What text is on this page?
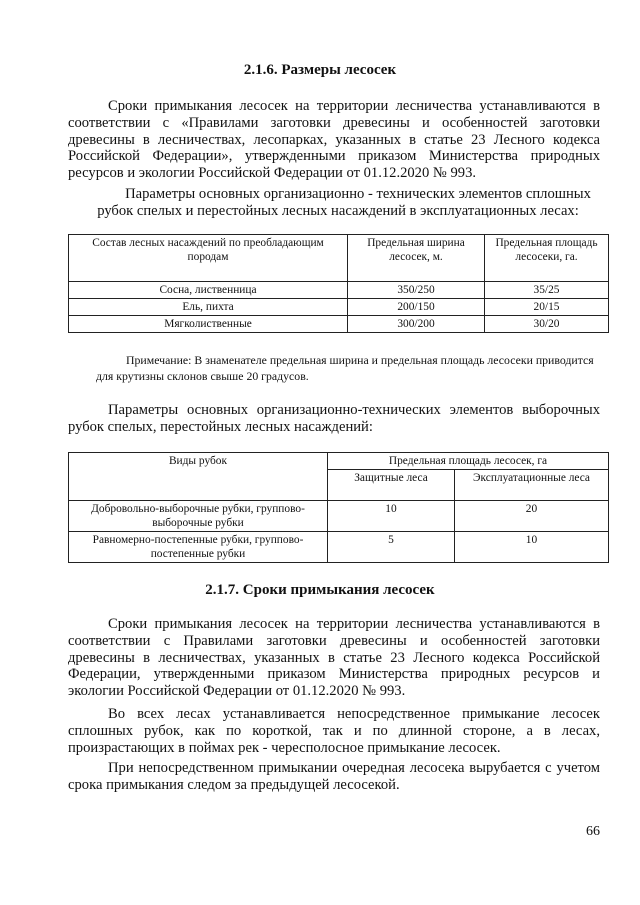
2.1.6. Размеры лесосек
Сроки примыкания лесосек на территории лесничества устанавливаются в соответствии с «Правилами заготовки древесины и особенностей заготовки древесины в лесничествах, лесопарках, указанных в статье 23 Лесного кодекса Российской Федерации», утвержденными приказом Министерства природных ресурсов и экологии Российской Федерации от 01.12.2020 № 993.
Параметры основных организационно - технических элементов сплошных рубок спелых и перестойных лесных насаждений в эксплуатационных лесах:
Состав лесных насаждений по преобладающим породам	Предельная ширина лесосек, м.	Предельная площадь лесосеки, га.
Сосна, лиственница	350/250	35/25
Ель, пихта	200/150	20/15
Мягколиственные	300/200	30/20
Примечание: В знаменателе предельная ширина и предельная площадь лесосеки приводится для крутизны склонов свыше 20 градусов.
Параметры основных организационно-технических элементов выборочных рубок спелых, перестойных лесных насаждений:
Виды рубок	Предельная площадь лесосек, га	
	Защитные леса	Эксплуатационные леса
Добровольно-выборочные рубки, группово-выборочные рубки	10	20
Равномерно-постепенные рубки, группово-постепенные рубки	5	10
2.1.7. Сроки примыкания лесосек
Сроки примыкания лесосек на территории лесничества устанавливаются в соответствии с Правилами заготовки древесины и особенностей заготовки древесины в лесничествах, указанных в статье 23 Лесного кодекса Российской Федерации, утвержденными приказом Министерства природных ресурсов и экологии Российской Федерации от 01.12.2020 № 993.
Во всех лесах устанавливается непосредственное примыкание лесосек сплошных рубок, как по короткой, так и по длинной стороне, а в лесах, произрастающих в поймах рек - чересполосное примыкание лесосек.
При непосредственном примыкании очередная лесосека вырубается с учетом срока примыкания следом за предыдущей лесосекой.
66
